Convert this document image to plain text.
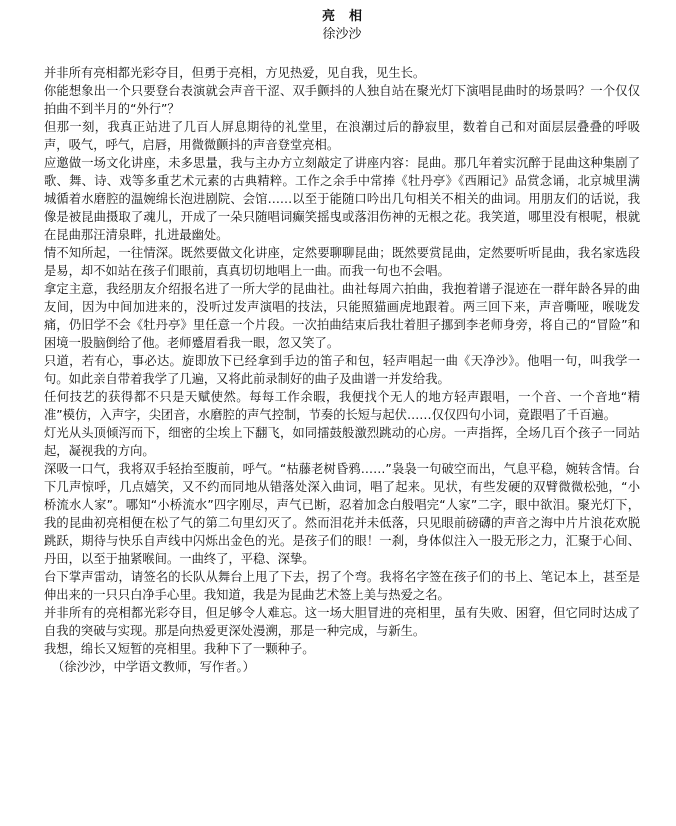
亮相
徐沙沙

并非所有亮相都光彩夺目，但勇于亮相，方见热爱，见自我，见生长。

你能想象出一个只要登台表演就会声音干涩、双手颤抖的人独自站在聚光灯下演唱昆曲时的场景吗？一个仅仅拍曲不到半月的“外行”？

但那一刻，我真正站进了几百人屏息期待的礼堂里，在浪潮过后的静寂里，数着自己和对面层层叠叠的呼吸声，吸气，呼气，启唇，用微微颤抖的声音登堂亮相。

应邀做一场文化讲座，未多思量，我与主办方立刻敲定了讲座内容：昆曲。那几年着实沉醉于昆曲这种集剧了歌、舞、诗、戏等多重艺术元素的古典精粹。工作之余手中常捧《牡丹亭》《西厢记》品赏念诵，北京城里满城循着水磨腔的温婉绵长泡进剧院、会馆……以至于能随口吟出几句相关不相关的曲词。用朋友们的话说，我像是被昆曲摄取了魂儿，开成了一朵只随唱词癫笑摇曳或落泪伤神的无根之花。我笑道，哪里没有根呢，根就在昆曲那汪清泉畔，扎进最幽处。

情不知所起，一往情深。既然要做文化讲座，定然要聊聊昆曲；既然要赏昆曲，定然要听听昆曲，我名家选段是易，却不如站在孩子们眼前，真真切切地唱上一曲。而我一句也不会唱。

拿定主意，我经朋友介绍报名进了一所大学的昆曲社。曲社每周六拍曲，我抱着谱子混迹在一群年龄各异的曲友间，因为中间加进来的，没听过发声演唱的技法，只能照猫画虎地跟着。两三回下来，声音嘶哑，喉咙发痛，仍旧学不会《牡丹亭》里任意一个片段。一次拍曲结束后我壮着胆子挪到李老师身旁，将自己的“冒险”和困境一股脑倒给了他。老师蹙眉看我一眼，忽又笑了。

只道，若有心，事必达。旋即放下已经拿到手边的笛子和包，轻声唱起一曲《天净沙》。他唱一句，叫我学一句。如此亲自带着我学了几遍，又将此前录制好的曲子及曲谱一并发给我。

任何技艺的获得都不只是天赋使然。每每工作余暇，我便找个无人的地方轻声跟唱，一个音、一个音地“精准”模仿，入声字，尖团音，水磨腔的声气控制，节奏的长短与起伏……仅仅四句小词，竟跟唱了千百遍。

灯光从头顶倾泻而下，细密的尘埃上下翻飞，如同擂鼓般激烈跳动的心房。一声指挥，全场几百个孩子一同站起，凝视我的方向。

深吸一口气，我将双手轻抬至腹前，呼气。“枯藤老树昏鸦……”袅袅一句破空而出，气息平稳，婉转含情。台下几声惊呼，几点嬉笑，又不约而同地从错落处深入曲词，唱了起来。见状，有些发硬的双臂微微松弛，“小桥流水人家”。哪知“小桥流水”四字刚尽，声气已断，忍着加念白般唱完“人家”二字，眼中欲泪。聚光灯下，我的昆曲初亮相便在松了气的第二句里幻灭了。然而泪花并未低落，只见眼前磅礴的声音之海中片片浪花欢脱跳跃，期待与快乐自声线中闪烁出金色的光。是孩子们的眼！一刹，身体似注入一股无形之力，汇聚于心间、丹田，以至于抽紧喉间。一曲终了，平稳、深挚。

台下掌声雷动，请签名的长队从舞台上甩了下去，拐了个弯。我将名字签在孩子们的书上、笔记本上，甚至是伸出来的一只只白净手心里。我知道，我是为昆曲艺术签上美与热爱之名。

并非所有的亮相都光彩夺目，但足够令人难忘。这一场大胆冒进的亮相里，虽有失败、困窘，但它同时达成了自我的突破与实现。那是向热爱更深处漫溯，那是一种完成，与新生。

我想，绵长又短暂的亮相里。我种下了一颗种子。

（徐沙沙，中学语文教师，写作者。）
